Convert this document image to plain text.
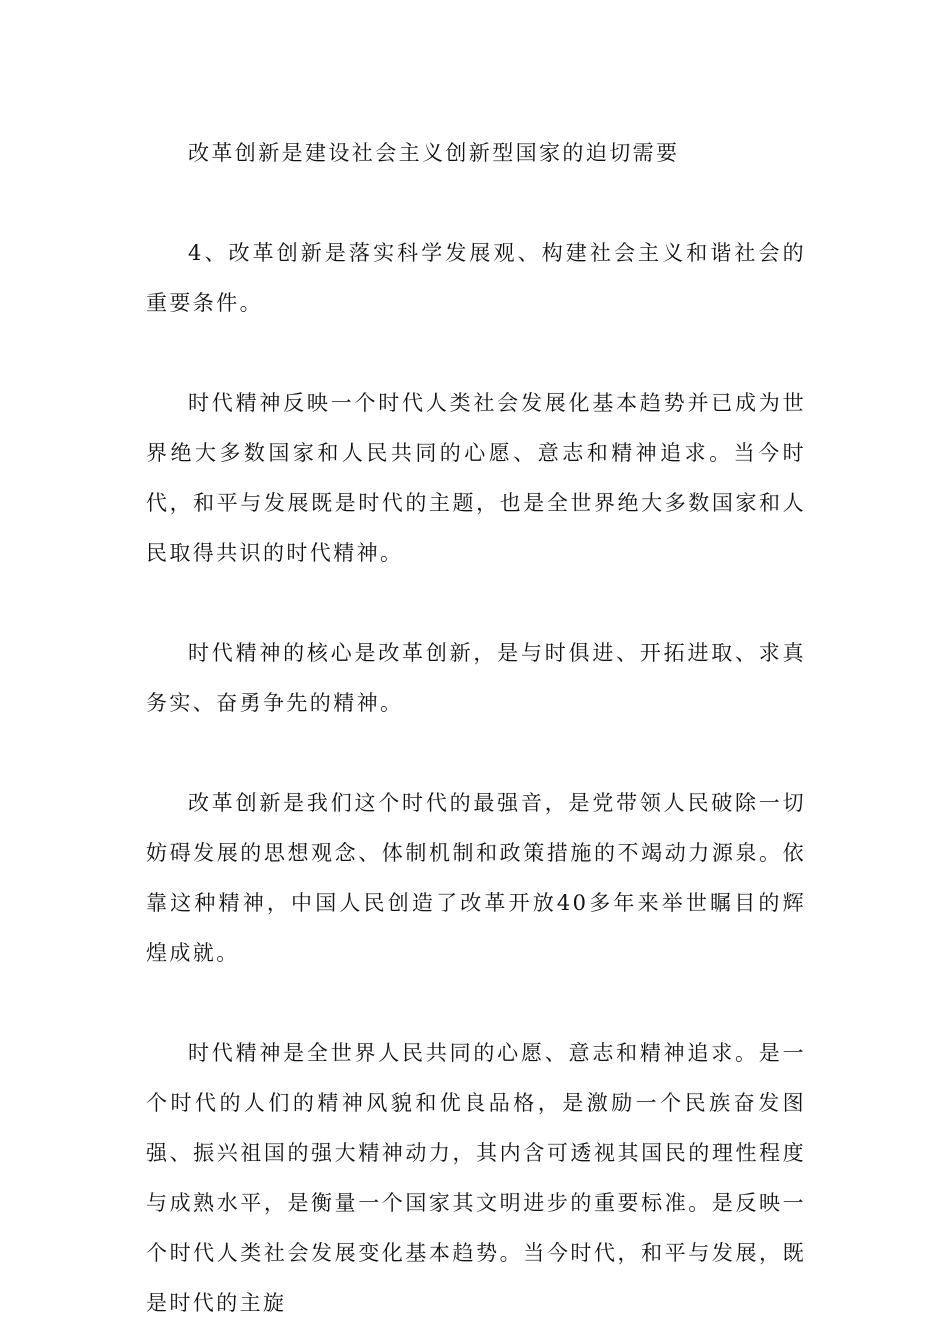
改革创新是建设社会主义创新型国家的迫切需要

4、改革创新是落实科学发展观、构建社会主义和谐社会的重要条件。

时代精神反映一个时代人类社会发展化基本趋势并已成为世界绝大多数国家和人民共同的心愿、意志和精神追求。当今时代，和平与发展既是时代的主题，也是全世界绝大多数国家和人民取得共识的时代精神。

时代精神的核心是改革创新，是与时俱进、开拓进取、求真务实、奋勇争先的精神。

改革创新是我们这个时代的最强音，是党带领人民破除一切妨碍发展的思想观念、体制机制和政策措施的不竭动力源泉。依靠这种精神，中国人民创造了改革开放40多年来举世瞩目的辉煌成就。

时代精神是全世界人民共同的心愿、意志和精神追求。是一个时代的人们的精神风貌和优良品格，是激励一个民族奋发图强、振兴祖国的强大精神动力，其内含可透视其国民的理性程度与成熟水平，是衡量一个国家其文明进步的重要标准。是反映一个时代人类社会发展变化基本趋势。当今时代，和平与发展，既是时代的主旋
